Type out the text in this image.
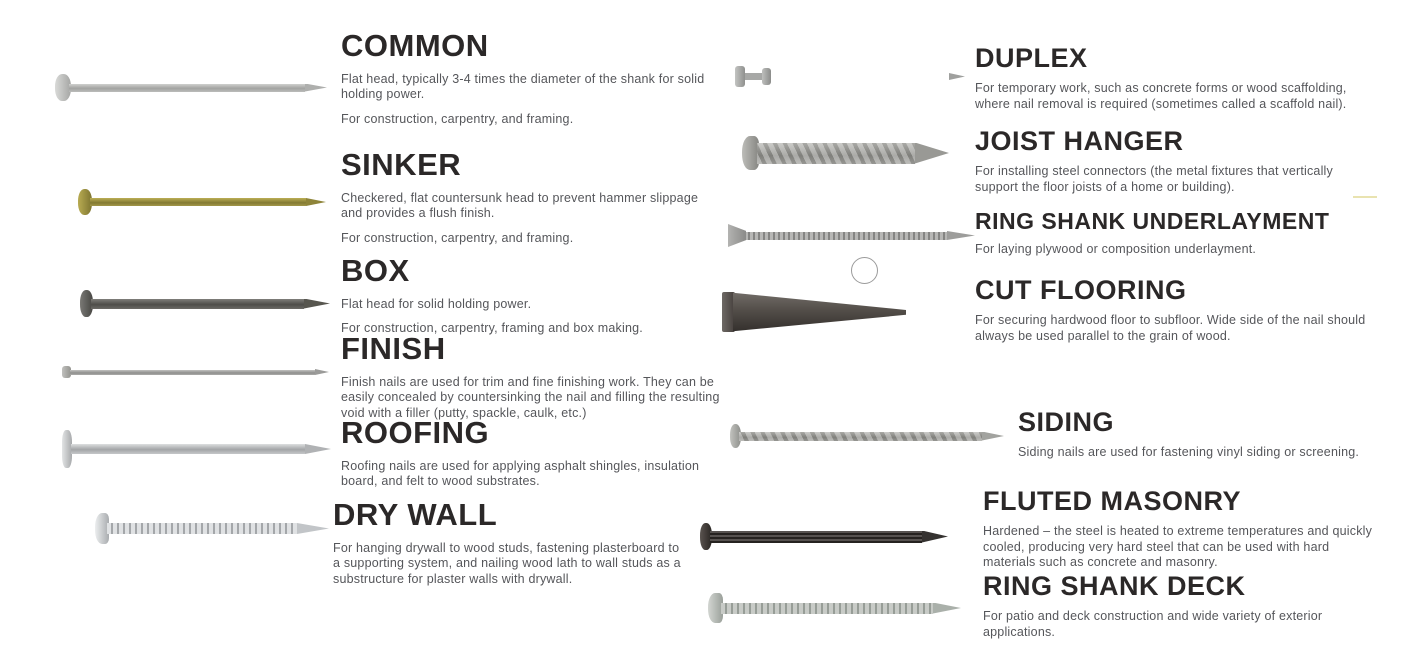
COMMON

Flat head, typically 3-4 times the diameter of the shank for solid holding power.

For construction, carpentry, and framing.

SINKER

Checkered, flat countersunk head to prevent hammer slippage and provides a flush finish.

For construction, carpentry, and framing.

BOX

Flat head for solid holding power.

For construction, carpentry, framing and box making.

FINISH

Finish nails are used for trim and fine finishing work. They can be easily concealed by countersinking the nail and filling the resulting void with a filler (putty, spackle, caulk, etc.)

ROOFING

Roofing nails are used for applying asphalt shingles, insulation board, and felt to wood substrates.

DRY WALL

For hanging drywall to wood studs, fastening plasterboard to a supporting system, and nailing wood lath to wall studs as a substructure for plaster walls with drywall.

DUPLEX

For temporary work, such as concrete forms or wood scaffolding, where nail removal is required (sometimes called a scaffold nail).

JOIST HANGER

For installing steel connectors (the metal fixtures that vertically support the floor joists of a home or building).

RING SHANK UNDERLAYMENT

For laying plywood or composition underlayment.

CUT FLOORING

For securing hardwood floor to subfloor. Wide side of the nail should always be used parallel to the grain of wood.

SIDING

Siding nails are used for fastening vinyl siding or screening.

FLUTED MASONRY

Hardened – the steel is heated to extreme temperatures and quickly cooled, producing very hard steel that can be used with hard materials such as concrete and masonry.

RING SHANK DECK

For patio and deck construction and wide variety of exterior applications.
